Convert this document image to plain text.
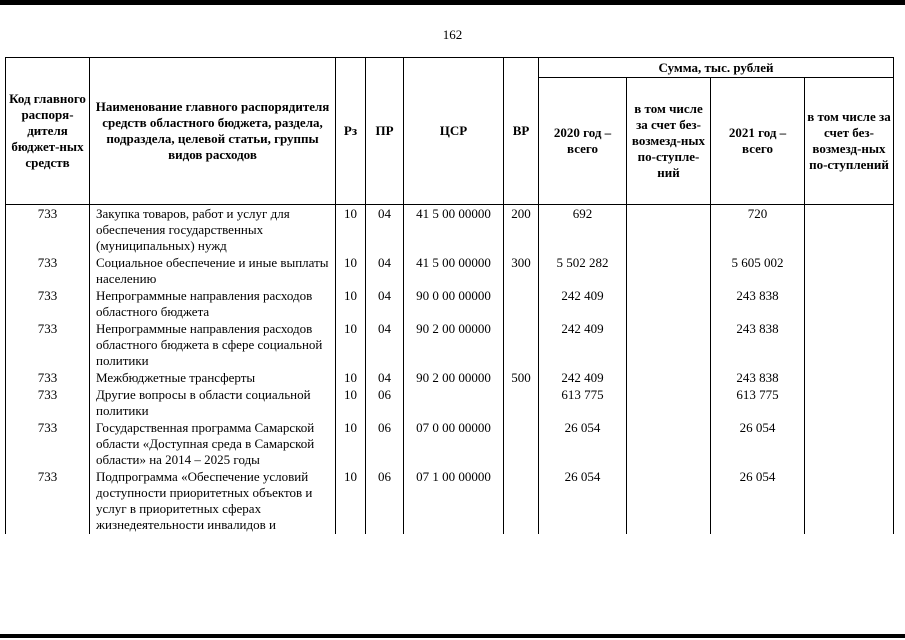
162
Код главного распоря-дителя бюджет-ных средств	Наименование главного распорядителя средств областного бюджета, раздела, подраздела, целевой статьи, группы видов расходов	Рз	ПР	ЦСР	ВР	Сумма, тыс. рублей			
						2020 год – всего	в том числе за счет без-возмезд-ных по-ступле-ний	2021 год – всего	в том числе за счет без-возмезд-ных по-ступлений
733	Закупка товаров, работ и услуг для обеспечения государственных (муниципальных) нужд	10	04	41 5 00 00000	200	692		720	
733	Социальное обеспечение и иные выплаты населению	10	04	41 5 00 00000	300	5 502 282		5 605 002	
733	Непрограммные направления расходов областного бюджета	10	04	90 0 00 00000		242 409		243 838	
733	Непрограммные направления расходов областного бюджета в сфере социальной политики	10	04	90 2 00 00000		242 409		243 838	
733	Межбюджетные трансферты	10	04	90 2 00 00000	500	242 409		243 838	
733	Другие вопросы в области социальной политики	10	06			613 775		613 775	
733	Государственная программа Самарской области «Доступная среда в Самарской области» на 2014 – 2025 годы	10	06	07 0 00 00000		26 054		26 054	
733	Подпрограмма «Обеспечение условий доступности приоритетных объектов и услуг в приоритетных сферах жизнедеятельности инвалидов и	10	06	07 1 00 00000		26 054		26 054	
